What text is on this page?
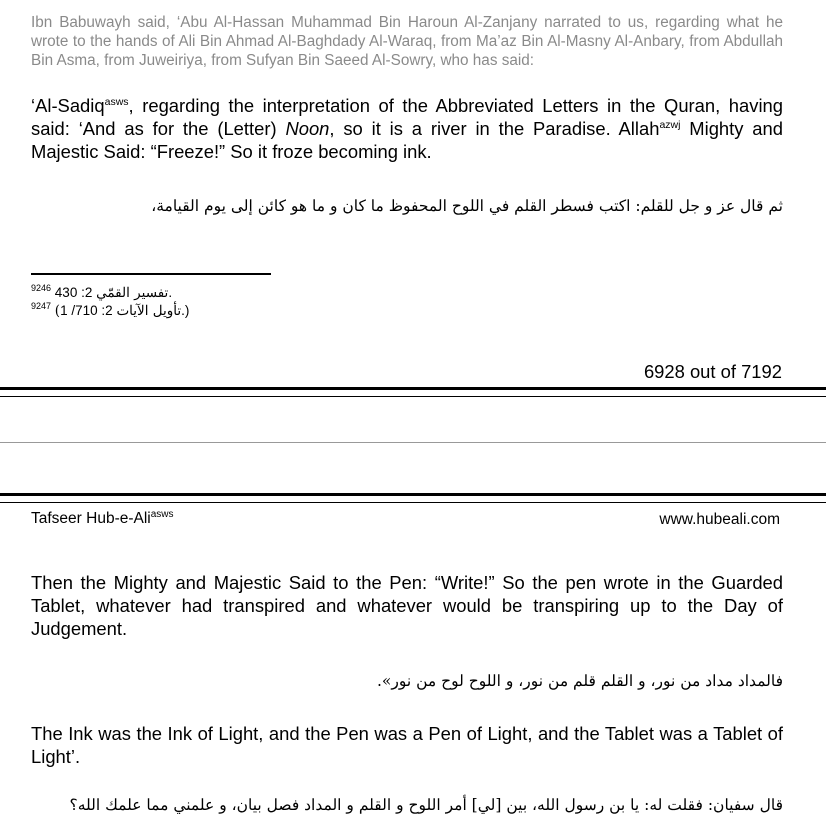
Ibn Babuwayh said, ‘Abu Al-Hassan Muhammad Bin Haroun Al-Zanjany narrated to us, regarding what he wrote to the hands of Ali Bin Ahmad Al-Baghdady Al-Waraq, from Ma’az Bin Al-Masny Al-Anbary, from Abdullah Bin Asma, from Juweiriya, from Sufyan Bin Saeed Al-Sowry, who has said:
‘Al-Sadiq$^{asws}$, regarding the interpretation of the Abbreviated Letters in the Quran, having said: ‘And as for the (Letter) Noon, so it is a river in the Paradise. Allah$^{azwj}$ Mighty and Majestic Said: “Freeze!” So it froze becoming ink.
ثم قال عز و جل للقلم: اكتب فسطر القلم في اللوح المحفوظ ما كان و ما هو كائن إلى يوم القيامة،
$^{9246}$	تفسير القمّي 2: 430.
$^{9247}$ (تأويل الآيات 2: 710/ 1.)
6928 out of 7192
Tafseer Hub-e-Ali$^{asws}$	www.hubeali.com
Then the Mighty and Majestic Said to the Pen: “Write!” So the pen wrote in the Guarded Tablet, whatever had transpired and whatever would be transpiring up to the Day of Judgement.
فالمداد مداد من نور، و القلم قلم من نور، و اللوح لوح من نور».
The Ink was the Ink of Light, and the Pen was a Pen of Light, and the Tablet was a Tablet of Light’.
قال سفيان: فقلت له: يا بن رسول الله، بين [لي] أمر اللوح و القلم و المداد فصل بيان، و علمني مما علمك الله؟
